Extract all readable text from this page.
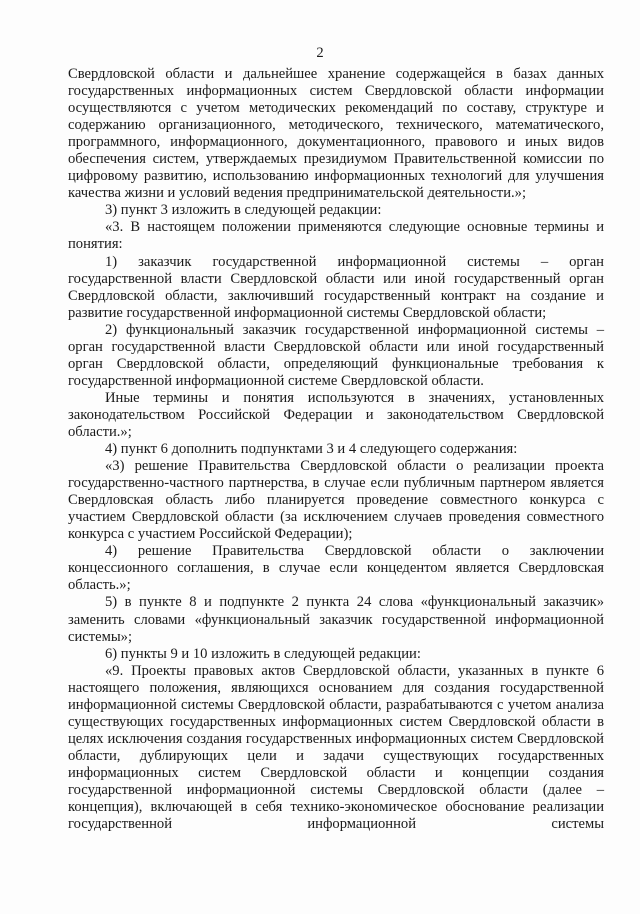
2

Свердловской области и дальнейшее хранение содержащейся в базах данных государственных информационных систем Свердловской области информации осуществляются с учетом методических рекомендаций по составу, структуре и содержанию организационного, методического, технического, математического, программного, информационного, документационного, правового и иных видов обеспечения систем, утверждаемых президиумом Правительственной комиссии по цифровому развитию, использованию информационных технологий для улучшения качества жизни и условий ведения предпринимательской деятельности.»;

3) пункт 3 изложить в следующей редакции:

«3. В настоящем положении применяются следующие основные термины и понятия:

1) заказчик государственной информационной системы – орган государственной власти Свердловской области или иной государственный орган Свердловской области, заключивший государственный контракт на создание и развитие государственной информационной системы Свердловской области;

2) функциональный заказчик государственной информационной системы – орган государственной власти Свердловской области или иной государственный орган Свердловской области, определяющий функциональные требования к государственной информационной системе Свердловской области.

Иные термины и понятия используются в значениях, установленных законодательством Российской Федерации и законодательством Свердловской области.»;

4) пункт 6 дополнить подпунктами 3 и 4 следующего содержания:

«3) решение Правительства Свердловской области о реализации проекта государственно-частного партнерства, в случае если публичным партнером является Свердловская область либо планируется проведение совместного конкурса с участием Свердловской области (за исключением случаев проведения совместного конкурса с участием Российской Федерации);

4) решение Правительства Свердловской области о заключении концессионного соглашения, в случае если концедентом является Свердловская область.»;

5) в пункте 8 и подпункте 2 пункта 24 слова «функциональный заказчик» заменить словами «функциональный заказчик государственной информационной системы»;

6) пункты 9 и 10 изложить в следующей редакции:

«9. Проекты правовых актов Свердловской области, указанных в пункте 6 настоящего положения, являющихся основанием для создания государственной информационной системы Свердловской области, разрабатываются с учетом анализа существующих государственных информационных систем Свердловской области в целях исключения создания государственных информационных систем Свердловской области, дублирующих цели и задачи существующих государственных информационных систем Свердловской области и концепции создания государственной информационной системы Свердловской области (далее – концепция), включающей в себя технико-экономическое обоснование реализации государственной информационной системы
